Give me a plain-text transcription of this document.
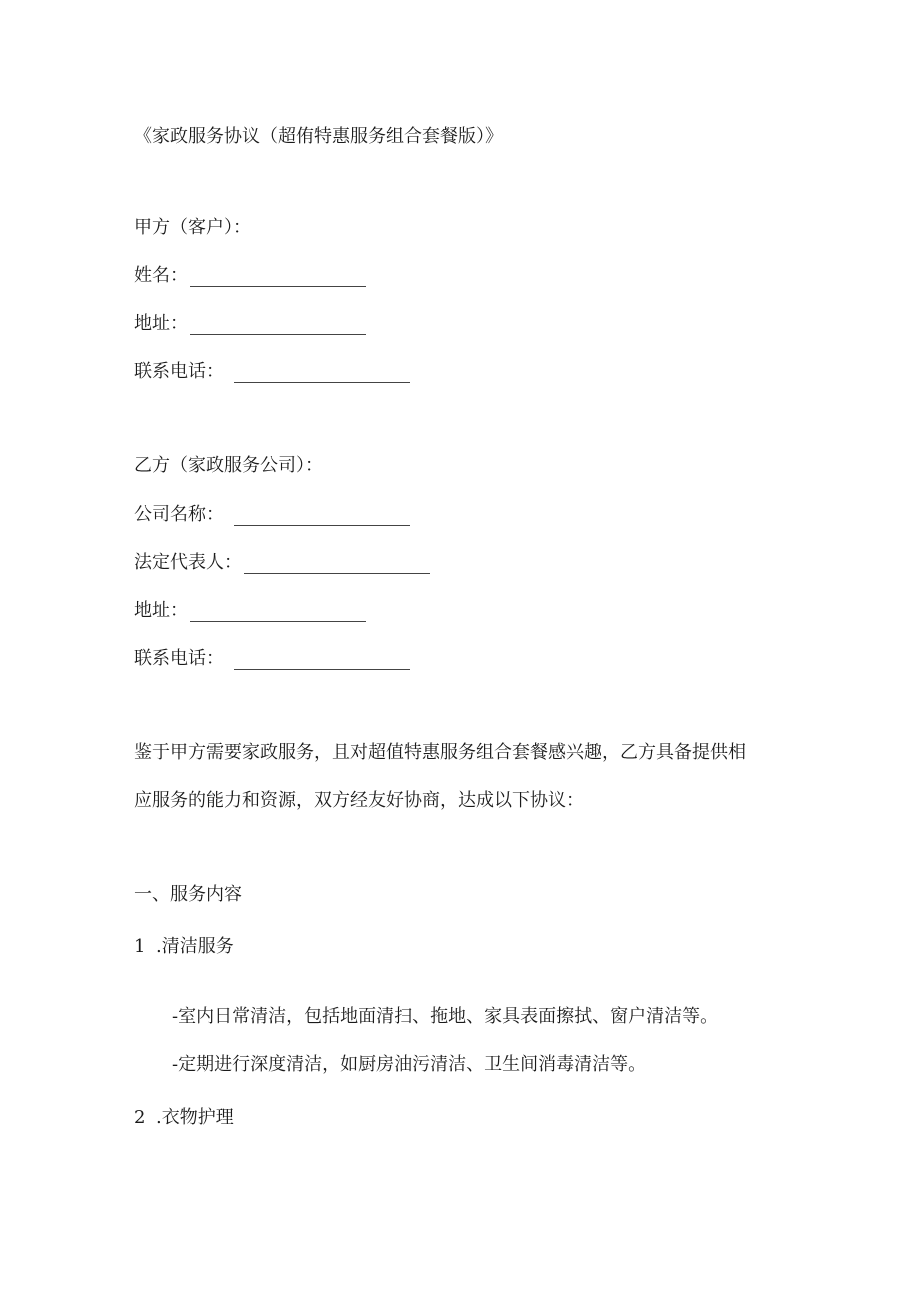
《家政服务协议（超侑特惠服务组合套餐版）》
甲方（客户）：
姓名：
地址：
联系电话：
乙方（家政服务公司）：
公司名称：
法定代表人：
地址：
联系电话：
鉴于甲方需要家政服务，且对超值特惠服务组合套餐感兴趣，乙方具备提供相
应服务的能力和资源，双方经友好协商，达成以下协议：
一、服务内容
1 .清洁服务
-室内日常清洁，包括地面清扫、拖地、家具表面擦拭、窗户清洁等。
-定期进行深度清洁，如厨房油污清洁、卫生间消毒清洁等。
2 .衣物护理
